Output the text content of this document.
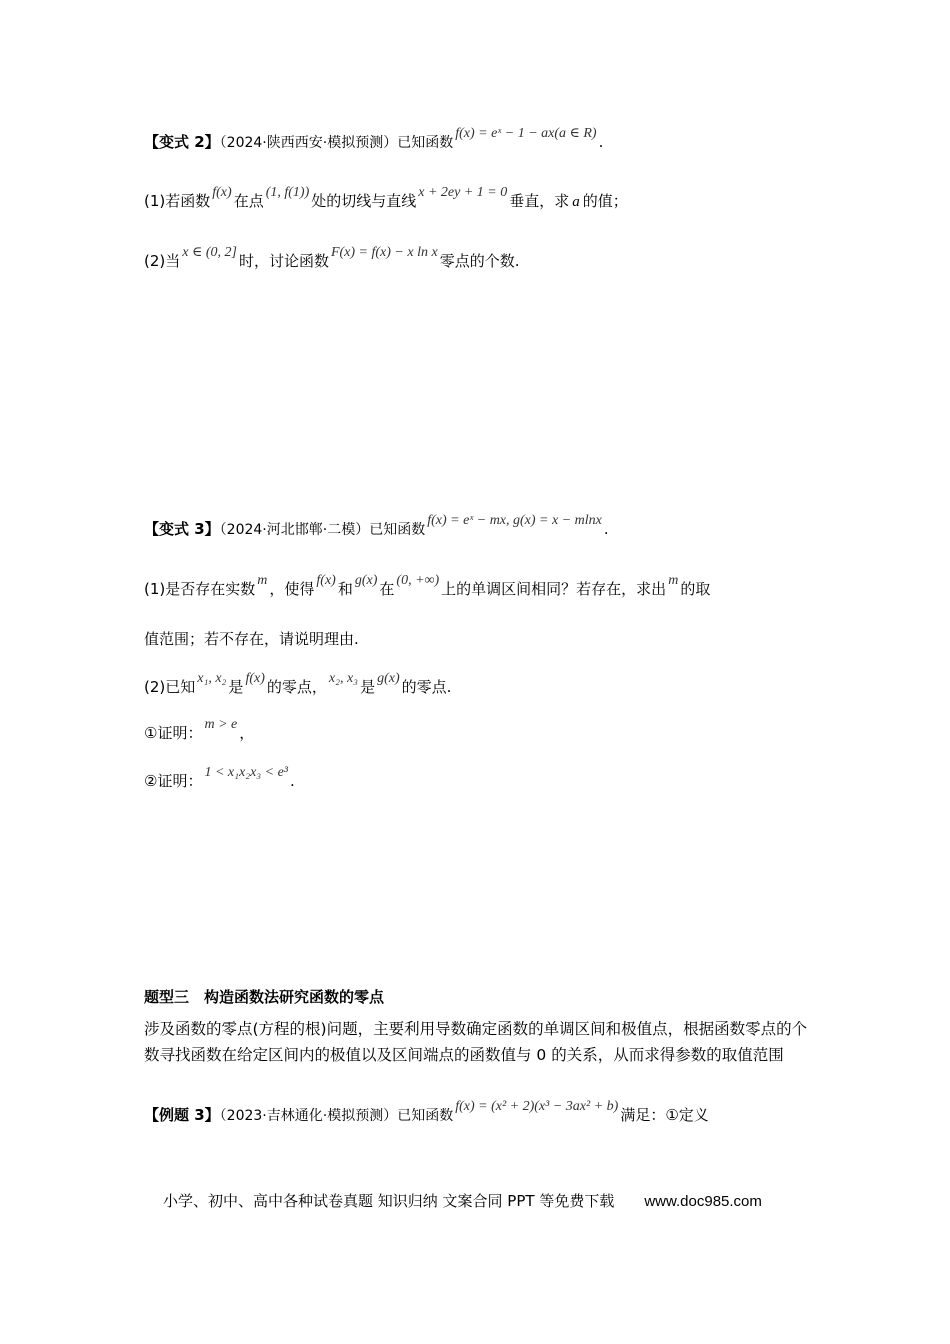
【变式 2】（2024·陕西西安·模拟预测）已知函数f(x) = eˣ − 1 − ax(a ∈ R) .
(1)若函数 f(x) 在点 (1, f(1)) 处的切线与直线 x + 2ey + 1 = 0 垂直，求 a 的值；
(2)当 x ∈ (0, 2] 时，讨论函数 F(x) = f(x) − x ln x 零点的个数.
【变式 3】（2024·河北邯郸·二模）已知函数f(x) = eˣ − mx, g(x) = x − mlnx .
(1)是否存在实数 m ，使得 f(x) 和 g(x) 在 (0, +∞) 上的单调区间相同？若存在，求出 m 的取
值范围；若不存在，请说明理由.
(2)已知 x₁, x₂ 是 f(x) 的零点， x₂, x₃ 是 g(x) 的零点.
①证明： m > e ，
②证明： 1 < x₁x₂x₃ < e³ .
题型三　构造函数法研究函数的零点
涉及函数的零点(方程的根)问题，主要利用导数确定函数的单调区间和极值点，根据函数零点的个数寻找函数在给定区间内的极值以及区间端点的函数值与 0 的关系，从而求得参数的取值范围
【例题 3】（2023·吉林通化·模拟预测）已知函数f(x) = (x² + 2)(x³ − 3ax² + b) 满足：①定义
小学、初中、高中各种试卷真题 知识归纳 文案合同 PPT 等免费下载 www.doc985.com
